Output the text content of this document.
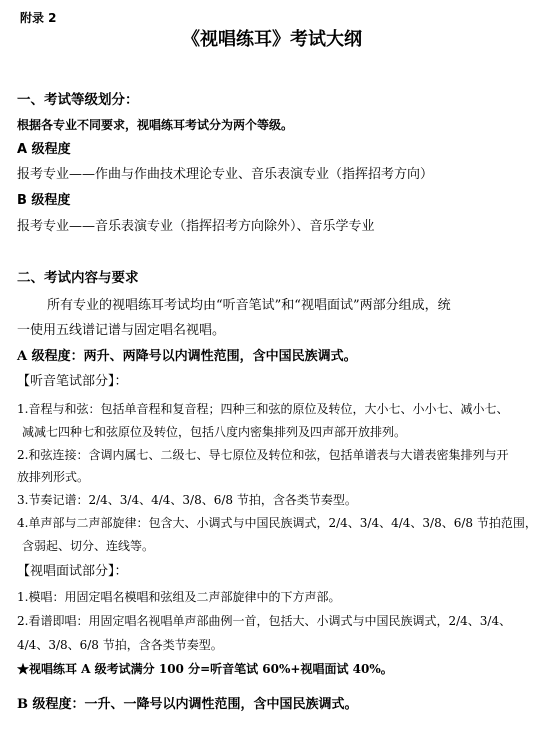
附录 2
《视唱练耳》考试大纲
一、考试等级划分：
根据各专业不同要求，视唱练耳考试分为两个等级。
A 级程度
报考专业——作曲与作曲技术理论专业、音乐表演专业（指挥招考方向）
B 级程度
报考专业——音乐表演专业（指挥招考方向除外）、音乐学专业
二、考试内容与要求
所有专业的视唱练耳考试均由“听音笔试”和“视唱面试”两部分组成，统
一使用五线谱记谱与固定唱名视唱。
A 级程度：两升、两降号以内调性范围，含中国民族调式。
【听音笔试部分】：
1.音程与和弦：包括单音程和复音程；四种三和弦的原位及转位，大小七、小小七、减小七、
减减七四种七和弦原位及转位，包括八度内密集排列及四声部开放排列。
2.和弦连接：含调内属七、二级七、导七原位及转位和弦，包括单谱表与大谱表密集排列与开
放排列形式。
3.节奏记谱：2/4、3/4、4/4、3/8、6/8 节拍，含各类节奏型。
4.单声部与二声部旋律：包含大、小调式与中国民族调式，2/4、3/4、4/4、3/8、6/8 节拍范围，
含弱起、切分、连线等。
【视唱面试部分】：
1.模唱：用固定唱名模唱和弦组及二声部旋律中的下方声部。
2.看谱即唱：用固定唱名视唱单声部曲例一首，包括大、小调式与中国民族调式，2/4、3/4、
4/4、3/8、6/8 节拍，含各类节奏型。
★视唱练耳 A 级考试满分 100 分=听音笔试 60%+视唱面试 40%。
B 级程度：一升、一降号以内调性范围，含中国民族调式。
